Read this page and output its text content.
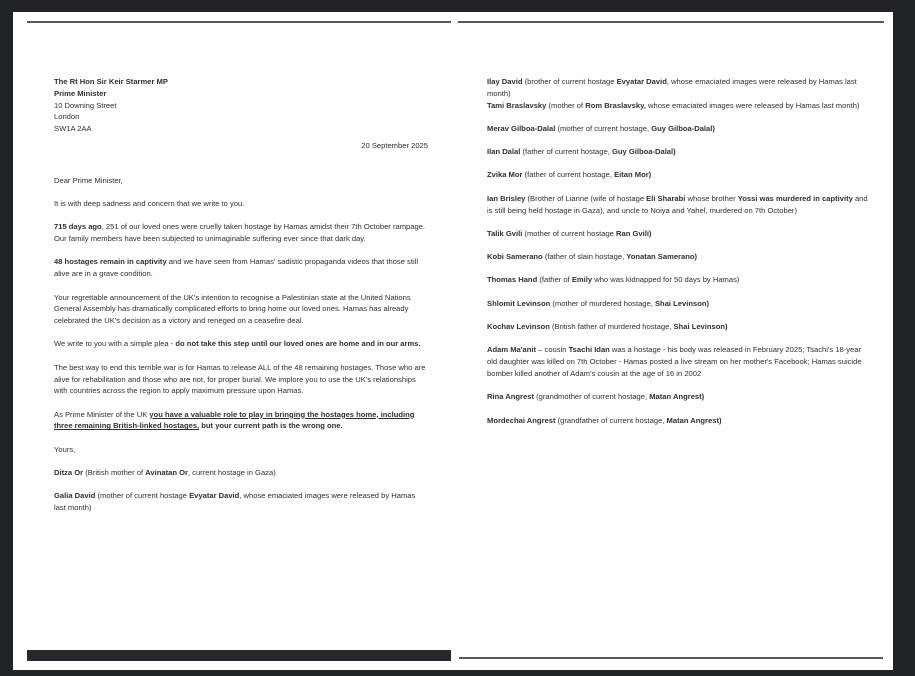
The Rt Hon Sir Keir Starmer MP
Prime Minister
10 Downing Street
London
SW1A 2AA
20 September 2025
Dear Prime Minister,
It is with deep sadness and concern that we write to you.
715 days ago, 251 of our loved ones were cruelly taken hostage by Hamas amidst their 7th October rampage. Our family members have been subjected to unimaginable suffering ever since that dark day.
48 hostages remain in captivity and we have seen from Hamas' sadistic propaganda videos that those still alive are in a grave condition.
Your regrettable announcement of the UK's intention to recognise a Palestinian state at the United Nations General Assembly has dramatically complicated efforts to bring home our loved ones. Hamas has already celebrated the UK's decision as a victory and reneged on a ceasefire deal.
We write to you with a simple plea - do not take this step until our loved ones are home and in our arms.
The best way to end this terrible war is for Hamas to release ALL of the 48 remaining hostages. Those who are alive for rehabilitation and those who are not, for proper burial. We implore you to use the UK's relationships with countries across the region to apply maximum pressure upon Hamas.
As Prime Minister of the UK you have a valuable role to play in bringing the hostages home, including three remaining British-linked hostages, but your current path is the wrong one.
Yours,
Ditza Or (British mother of Avinatan Or, current hostage in Gaza)
Galia David (mother of current hostage Evyatar David, whose emaciated images were released by Hamas last month)
Ilay David (brother of current hostage Evyatar David, whose emaciated images were released by Hamas last month)
Tami Braslavsky (mother of Rom Braslavsky, whose emaciated images were released by Hamas last month)
Merav Gilboa-Dalal (mother of current hostage, Guy Gilboa-Dalal)
Ilan Dalal (father of current hostage, Guy Gilboa-Dalal)
Zvika Mor (father of current hostage, Eitan Mor)
Ian Brisley (Brother of Lianne (wife of hostage Eli Sharabi whose brother Yossi was murdered in captivity and is still being held hostage in Gaza), and uncle to Noiya and Yahel, murdered on 7th October)
Talik Gvili (mother of current hostage Ran Gvili)
Kobi Samerano (father of slain hostage, Yonatan Samerano)
Thomas Hand (father of Emily who was kidnapped for 50 days by Hamas)
Shlomit Levinson (mother of murdered hostage, Shai Levinson)
Kochav Levinson (British father of murdered hostage, Shai Levinson)
Adam Ma'anit – cousin Tsachi Idan was a hostage - his body was released in February 2025; Tsachi's 18-year old daughter was killed on 7th October - Hamas posted a live stream on her mother's Facebook; Hamas suicide bomber killed another of Adam's cousin at the age of 16 in 2002
Rina Angrest (grandmother of current hostage, Matan Angrest)
Mordechai Angrest (grandfather of current hostage, Matan Angrest)
